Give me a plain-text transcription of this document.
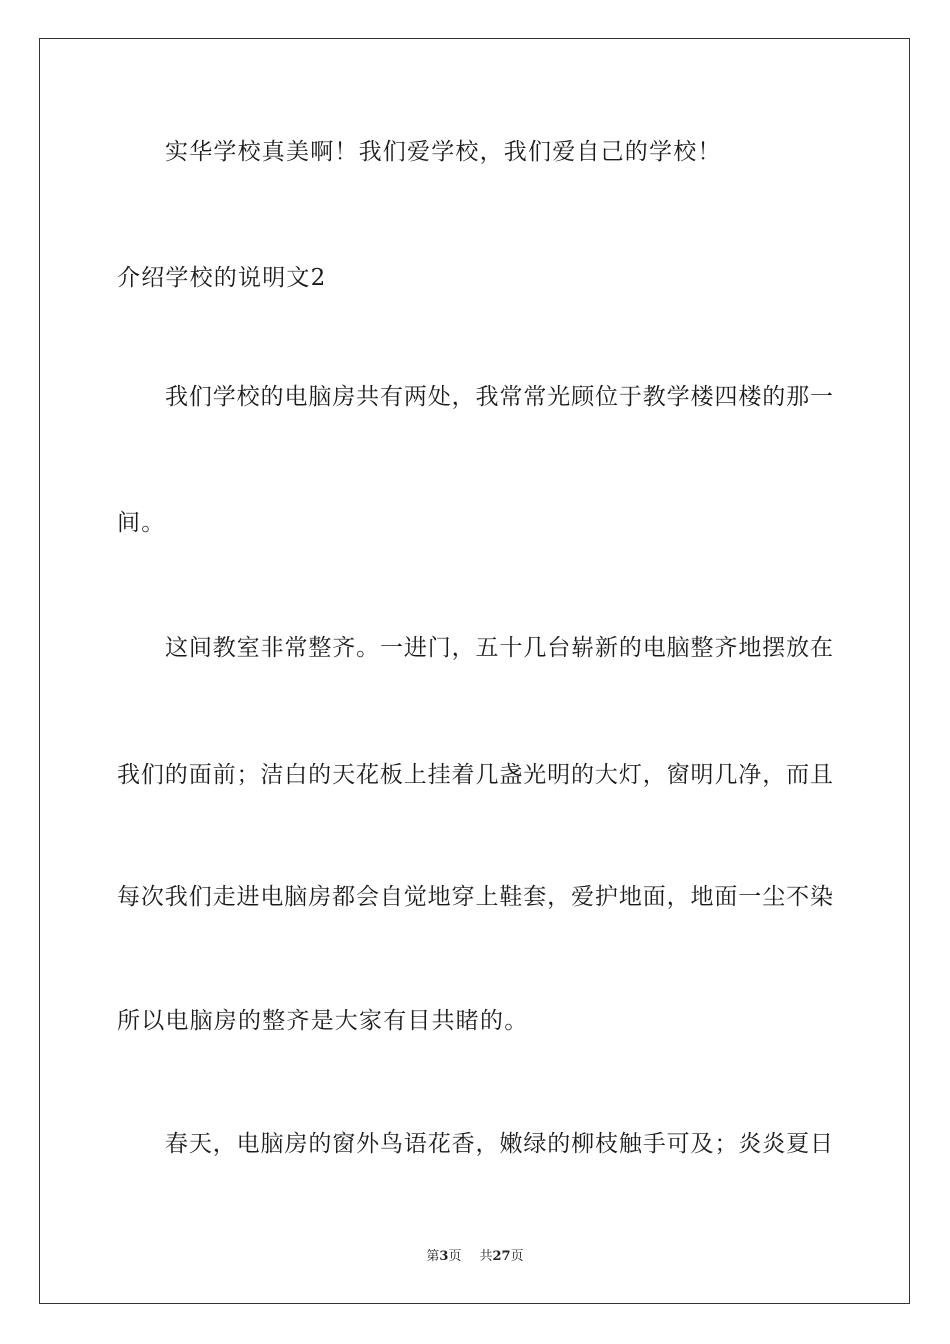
实华学校真美啊！我们爱学校，我们爱自己的学校！
介绍学校的说明文2
我们学校的电脑房共有两处，我常常光顾位于教学楼四楼的那一
间。
这间教室非常整齐。一进门，五十几台崭新的电脑整齐地摆放在
我们的面前；洁白的天花板上挂着几盏光明的大灯，窗明几净，而且
每次我们走进电脑房都会自觉地穿上鞋套，爱护地面，地面一尘不染
所以电脑房的整齐是大家有目共睹的。
春天，电脑房的窗外鸟语花香，嫩绿的柳枝触手可及；炎炎夏日
第3页 共27页
